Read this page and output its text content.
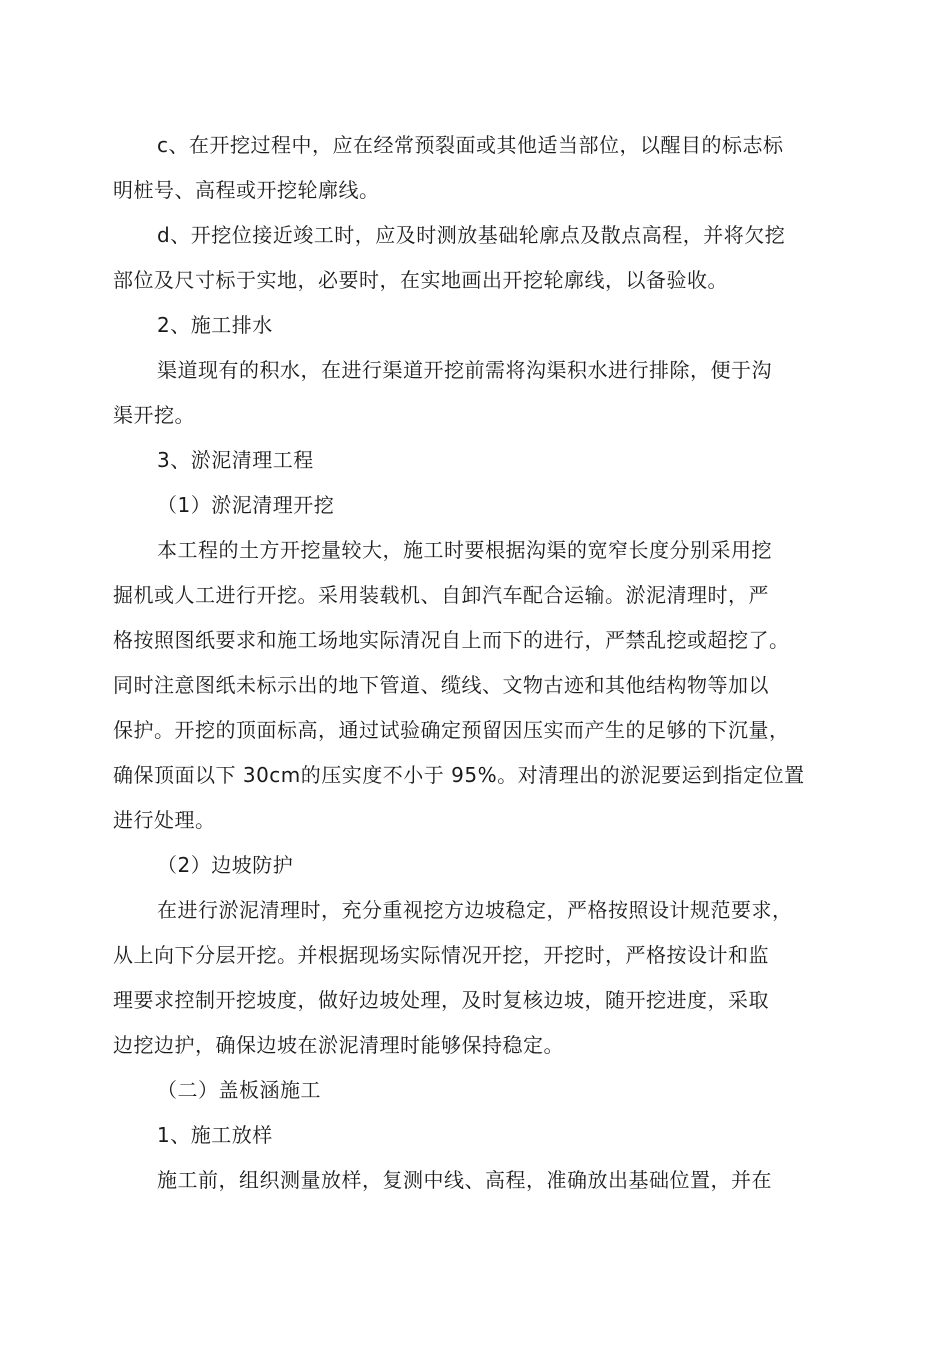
c、在开挖过程中，应在经常预裂面或其他适当部位，以醒目的标志标
明桩号、高程或开挖轮廓线。
d、开挖位接近竣工时，应及时测放基础轮廓点及散点高程，并将欠挖
部位及尺寸标于实地，必要时，在实地画出开挖轮廓线，以备验收。
2、施工排水
渠道现有的积水，在进行渠道开挖前需将沟渠积水进行排除，便于沟
渠开挖。
3、淤泥清理工程
（1）淤泥清理开挖
本工程的土方开挖量较大，施工时要根据沟渠的宽窄长度分别采用挖
掘机或人工进行开挖。采用装载机、自卸汽车配合运输。淤泥清理时，严
格按照图纸要求和施工场地实际清况自上而下的进行，严禁乱挖或超挖了。
同时注意图纸未标示出的地下管道、缆线、文物古迹和其他结构物等加以
保护。开挖的顶面标高，通过试验确定预留因压实而产生的足够的下沉量，
确保顶面以下 30cm的压实度不小于 95%。对清理出的淤泥要运到指定位置
进行处理。
（2）边坡防护
在进行淤泥清理时，充分重视挖方边坡稳定，严格按照设计规范要求，
从上向下分层开挖。并根据现场实际情况开挖，开挖时，严格按设计和监
理要求控制开挖坡度，做好边坡处理，及时复核边坡，随开挖进度，采取
边挖边护，确保边坡在淤泥清理时能够保持稳定。
（二）盖板涵施工
1、施工放样
施工前，组织测量放样，复测中线、高程，准确放出基础位置，并在
